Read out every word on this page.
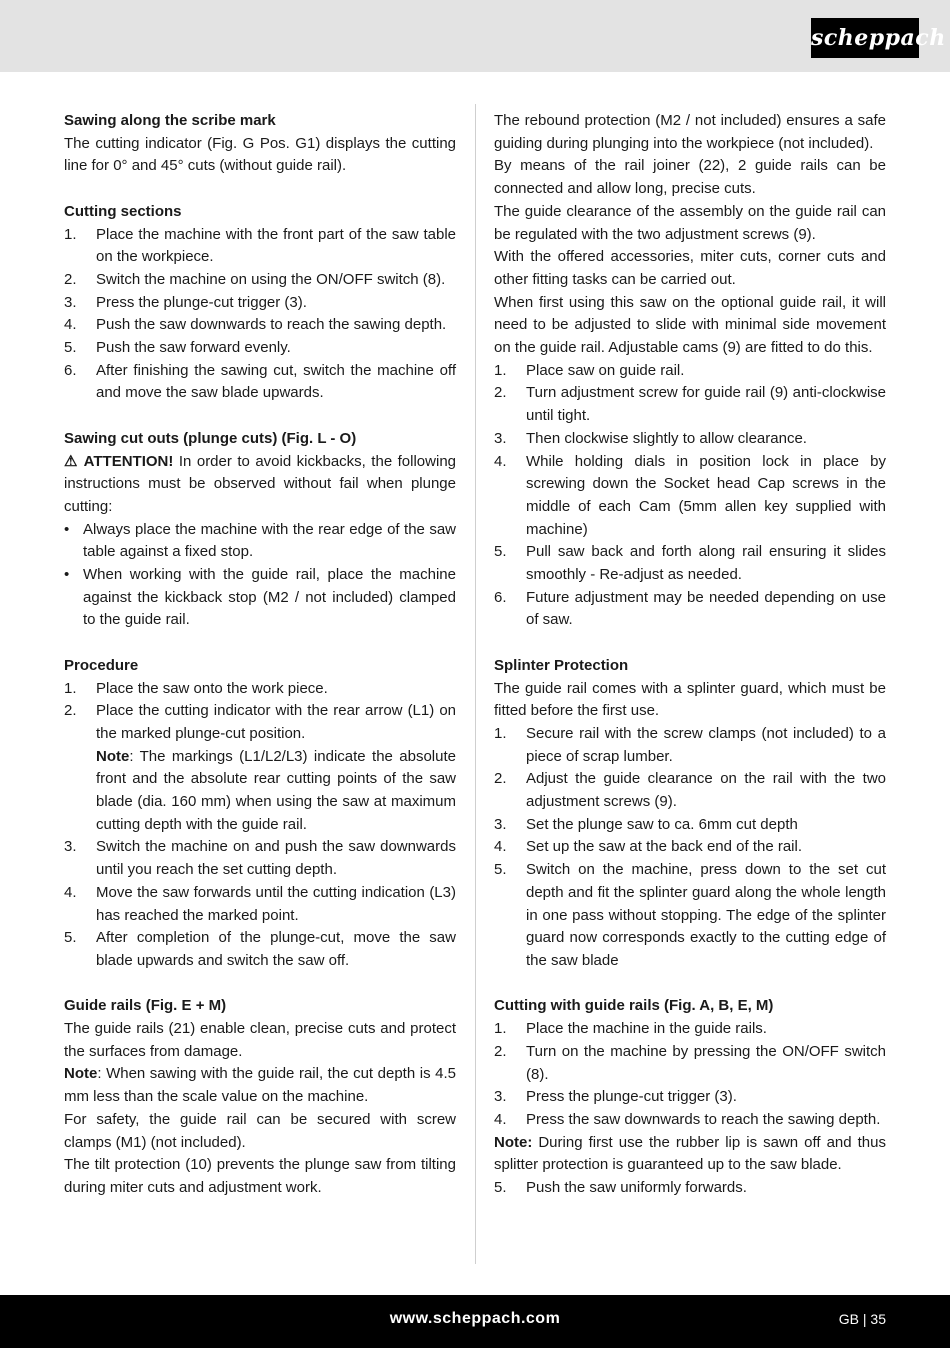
scheppach
Sawing along the scribe mark

The cutting indicator (Fig. G Pos. G1) displays the cutting line for 0° and 45° cuts (without guide rail).

Cutting sections
1. Place the machine with the front part of the saw table on the workpiece.
2. Switch the machine on using the ON/OFF switch (8).
3. Press the plunge-cut trigger (3).
4. Push the saw downwards to reach the sawing depth.
5. Push the saw forward evenly.
6. After finishing the sawing cut, switch the machine off and move the saw blade upwards.
Sawing cut outs (plunge cuts) (Fig. L - O)

⚠ ATTENTION! In order to avoid kickbacks, the following instructions must be observed without fail when plunge cutting:

• Always place the machine with the rear edge of the saw table against a fixed stop.
• When working with the guide rail, place the machine against the kickback stop (M2 / not included) clamped to the guide rail.
Procedure
1. Place the saw onto the work piece.
2. Place the cutting indicator with the rear arrow (L1) on the marked plunge-cut position.
Note: The markings (L1/L2/L3) indicate the absolute front and the absolute rear cutting points of the saw blade (dia. 160 mm) when using the saw at maximum cutting depth with the guide rail.
3. Switch the machine on and push the saw downwards until you reach the set cutting depth.
4. Move the saw forwards until the cutting indication (L3) has reached the marked point.
5. After completion of the plunge-cut, move the saw blade upwards and switch the saw off.
Guide rails (Fig. E + M)

The guide rails (21) enable clean, precise cuts and protect the surfaces from damage.

Note: When sawing with the guide rail, the cut depth is 4.5 mm less than the scale value on the machine.

For safety, the guide rail can be secured with screw clamps (M1) (not included).

The tilt protection (10) prevents the plunge saw from tilting during miter cuts and adjustment work.

The rebound protection (M2 / not included) ensures a safe guiding during plunging into the workpiece (not included).

By means of the rail joiner (22), 2 guide rails can be connected and allow long, precise cuts.

The guide clearance of the assembly on the guide rail can be regulated with the two adjustment screws (9).

With the offered accessories, miter cuts, corner cuts and other fitting tasks can be carried out.

When first using this saw on the optional guide rail, it will need to be adjusted to slide with minimal side movement on the guide rail. Adjustable cams (9) are fitted to do this.

1. Place saw on guide rail.
2. Turn adjustment screw for guide rail (9) anti-clockwise until tight.
3. Then clockwise slightly to allow clearance.
4. While holding dials in position lock in place by screwing down the Socket head Cap screws in the middle of each Cam (5mm allen key supplied with machine)
5. Pull saw back and forth along rail ensuring it slides smoothly - Re-adjust as needed.
6. Future adjustment may be needed depending on use of saw.
Splinter Protection

The guide rail comes with a splinter guard, which must be fitted before the first use.

1. Secure rail with the screw clamps (not included) to a piece of scrap lumber.
2. Adjust the guide clearance on the rail with the two adjustment screws (9).
3. Set the plunge saw to ca. 6mm cut depth
4. Set up the saw at the back end of the rail.
5. Switch on the machine, press down to the set cut depth and fit the splinter guard along the whole length in one pass without stopping. The edge of the splinter guard now corresponds exactly to the cutting edge of the saw blade
Cutting with guide rails (Fig. A, B, E, M)
1. Place the machine in the guide rails.
2. Turn on the machine by pressing the ON/OFF switch (8).
3. Press the plunge-cut trigger (3).
4. Press the saw downwards to reach the sawing depth.

Note: During first use the rubber lip is sawn off and thus splitter protection is guaranteed up to the saw blade.

5. Push the saw uniformly forwards.
www.scheppach.com	GB | 35
